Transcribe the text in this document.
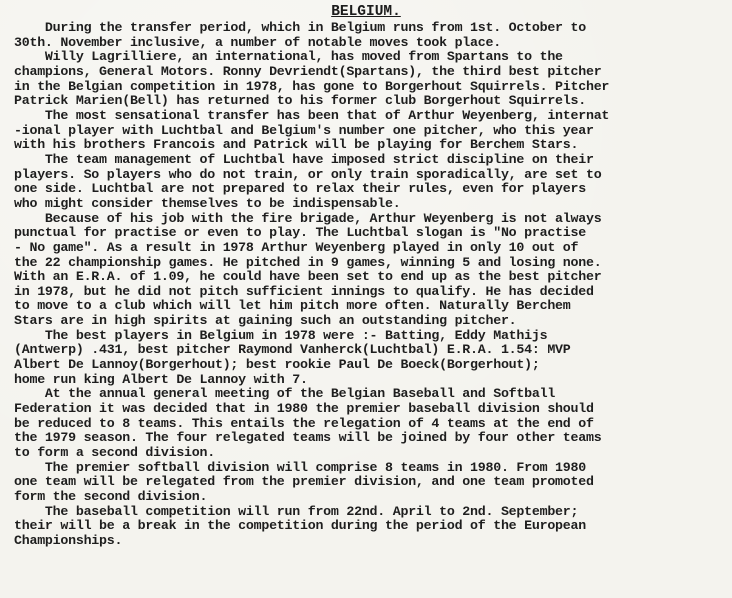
BELGIUM.
During the transfer period, which in Belgium runs from 1st. October to
30th. November inclusive, a number of notable moves took place.
Willy Lagrilliere, an international, has moved from Spartans to the
champions, General Motors. Ronny Devriendt(Spartans), the third best pitcher
in the Belgian competition in 1978, has gone to Borgerhout Squirrels. Pitcher
Patrick Marien(Bell) has returned to his former club Borgerhout Squirrels.
The most sensational transfer has been that of Arthur Weyenberg, internat
-ional player with Luchtbal and Belgium's number one pitcher, who this year
with his brothers Francois and Patrick will be playing for Berchem Stars.
The team management of Luchtbal have imposed strict discipline on their
players. So players who do not train, or only train sporadically, are set to
one side. Luchtbal are not prepared to relax their rules, even for players
who might consider themselves to be indispensable.
Because of his job with the fire brigade, Arthur Weyenberg is not always
punctual for practise or even to play. The Luchtbal slogan is "No practise
- No game". As a result in 1978 Arthur Weyenberg played in only 10 out of
the 22 championship games. He pitched in 9 games, winning 5 and losing none.
With an E.R.A. of 1.09, he could have been set to end up as the best pitcher
in 1978, but he did not pitch sufficient innings to qualify. He has decided
to move to a club which will let him pitch more often. Naturally Berchem
Stars are in high spirits at gaining such an outstanding pitcher.
The best players in Belgium in 1978 were :- Batting, Eddy Mathijs
(Antwerp) .431, best pitcher Raymond Vanherck(Luchtbal) E.R.A. 1.54: MVP
Albert De Lannoy(Borgerhout); best rookie Paul De Boeck(Borgerhout);
home run king Albert De Lannoy with 7.
At the annual general meeting of the Belgian Baseball and Softball
Federation it was decided that in 1980 the premier baseball division should
be reduced to 8 teams. This entails the relegation of 4 teams at the end of
the 1979 season. The four relegated teams will be joined by four other teams
to form a second division.
The premier softball division will comprise 8 teams in 1980. From 1980
one team will be relegated from the premier division, and one team promoted
form the second division.
The baseball competition will run from 22nd. April to 2nd. September;
their will be a break in the competition during the period of the European
Championships.
